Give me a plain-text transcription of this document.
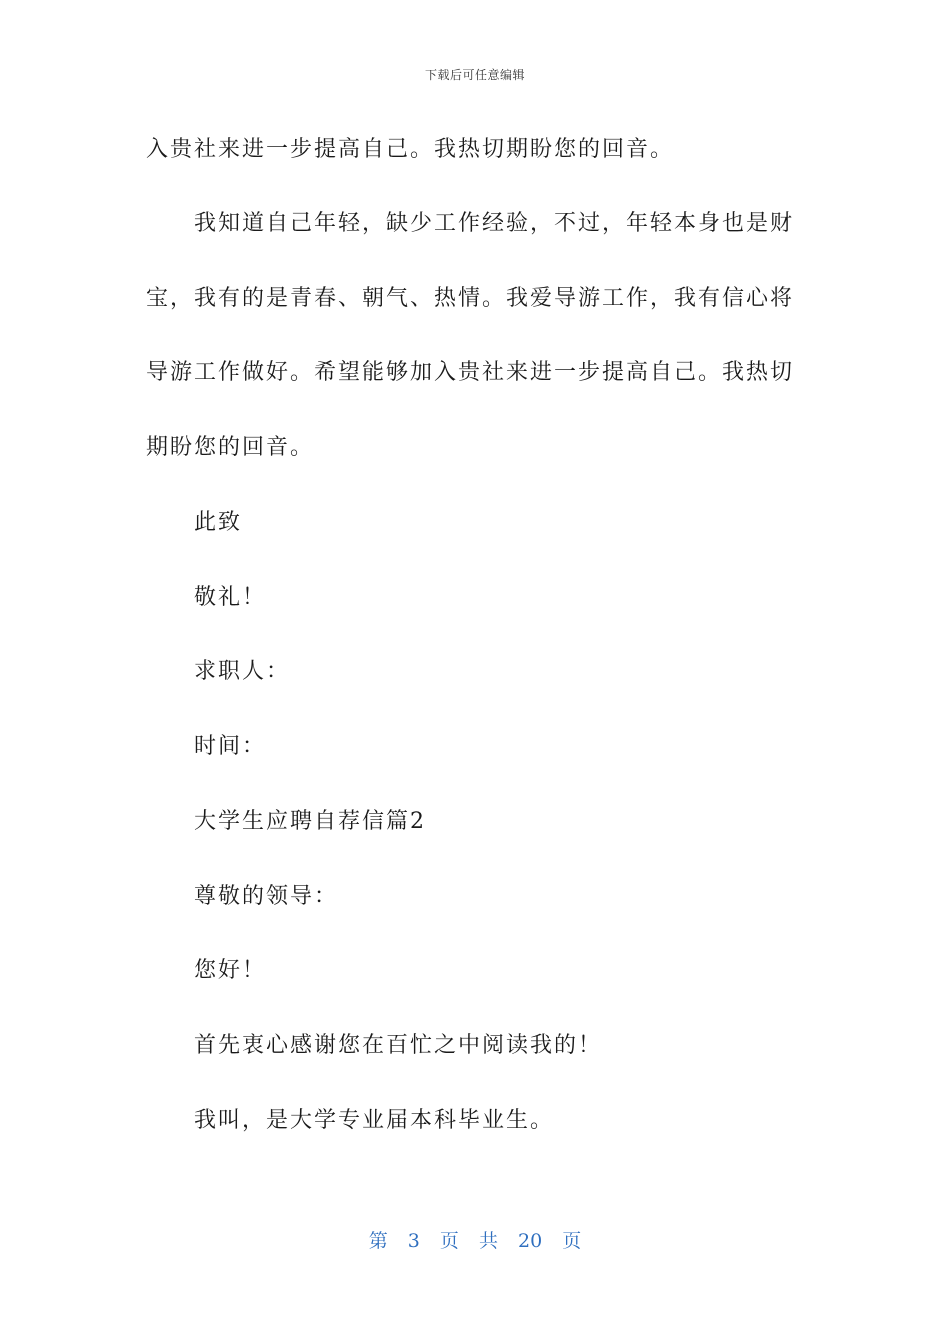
下载后可任意编辑
入贵社来进一步提高自己。我热切期盼您的回音。
我知道自己年轻，缺少工作经验，不过，年轻本身也是财
宝，我有的是青春、朝气、热情。我爱导游工作，我有信心将
导游工作做好。希望能够加入贵社来进一步提高自己。我热切
期盼您的回音。
此致
敬礼！
求职人：
时间：
大学生应聘自荐信篇2
尊敬的领导：
您好！
首先衷心感谢您在百忙之中阅读我的！
我叫，是大学专业届本科毕业生。
第 3 页 共 20 页
